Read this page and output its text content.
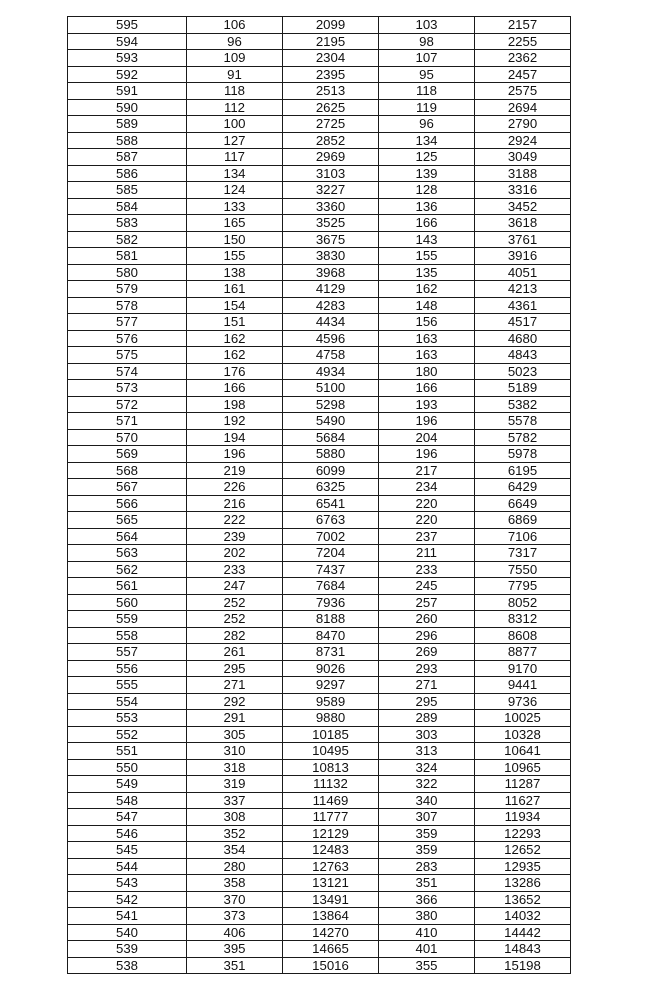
595	106	2099	103	2157
594	96	2195	98	2255
593	109	2304	107	2362
592	91	2395	95	2457
591	118	2513	118	2575
590	112	2625	119	2694
589	100	2725	96	2790
588	127	2852	134	2924
587	117	2969	125	3049
586	134	3103	139	3188
585	124	3227	128	3316
584	133	3360	136	3452
583	165	3525	166	3618
582	150	3675	143	3761
581	155	3830	155	3916
580	138	3968	135	4051
579	161	4129	162	4213
578	154	4283	148	4361
577	151	4434	156	4517
576	162	4596	163	4680
575	162	4758	163	4843
574	176	4934	180	5023
573	166	5100	166	5189
572	198	5298	193	5382
571	192	5490	196	5578
570	194	5684	204	5782
569	196	5880	196	5978
568	219	6099	217	6195
567	226	6325	234	6429
566	216	6541	220	6649
565	222	6763	220	6869
564	239	7002	237	7106
563	202	7204	211	7317
562	233	7437	233	7550
561	247	7684	245	7795
560	252	7936	257	8052
559	252	8188	260	8312
558	282	8470	296	8608
557	261	8731	269	8877
556	295	9026	293	9170
555	271	9297	271	9441
554	292	9589	295	9736
553	291	9880	289	10025
552	305	10185	303	10328
551	310	10495	313	10641
550	318	10813	324	10965
549	319	11132	322	11287
548	337	11469	340	11627
547	308	11777	307	11934
546	352	12129	359	12293
545	354	12483	359	12652
544	280	12763	283	12935
543	358	13121	351	13286
542	370	13491	366	13652
541	373	13864	380	14032
540	406	14270	410	14442
539	395	14665	401	14843
538	351	15016	355	15198
